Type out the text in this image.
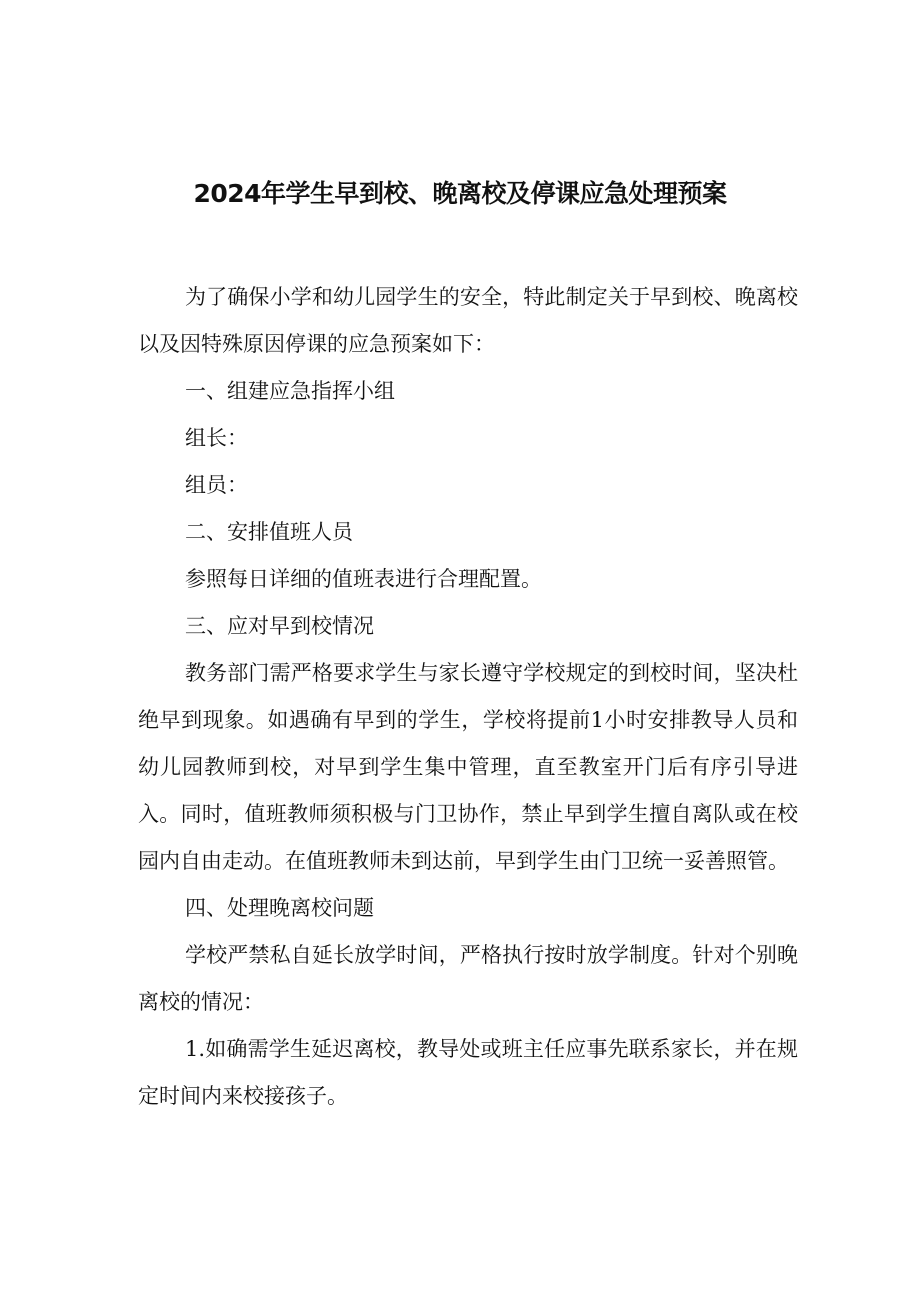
2024年学生早到校、晚离校及停课应急处理预案

为了确保小学和幼儿园学生的安全，特此制定关于早到校、晚离校以及因特殊原因停课的应急预案如下：

一、组建应急指挥小组
组长：
组员：
二、安排值班人员

参照每日详细的值班表进行合理配置。

三、应对早到校情况

教务部门需严格要求学生与家长遵守学校规定的到校时间，坚决杜绝早到现象。如遇确有早到的学生，学校将提前1小时安排教导人员和幼儿园教师到校，对早到学生集中管理，直至教室开门后有序引导进入。同时，值班教师须积极与门卫协作，禁止早到学生擅自离队或在校园内自由走动。在值班教师未到达前，早到学生由门卫统一妥善照管。

四、处理晚离校问题

学校严禁私自延长放学时间，严格执行按时放学制度。针对个别晚离校的情况：

1.如确需学生延迟离校，教导处或班主任应事先联系家长，并在规定时间内来校接孩子。
